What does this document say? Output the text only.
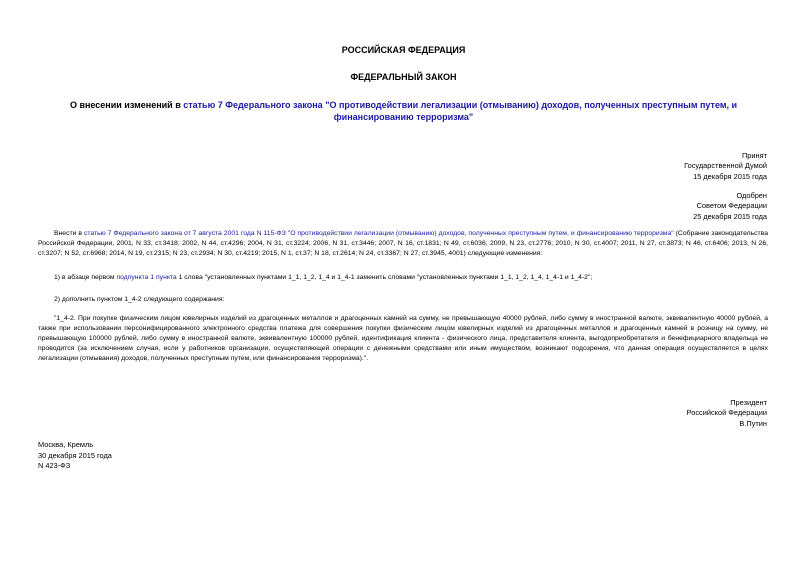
РОССИЙСКАЯ ФЕДЕРАЦИЯ
ФЕДЕРАЛЬНЫЙ ЗАКОН
О внесении изменений в статью 7 Федерального закона "О противодействии легализации (отмыванию) доходов, полученных преступным путем, и финансированию терроризма"
Принят
Государственной Думой
15 декабря 2015 года
Одобрен
Советом Федерации
25 декабря 2015 года
Внести в статью 7 Федерального закона от 7 августа 2001 года N 115-ФЗ "О противодействии легализации (отмыванию) доходов, полученных преступным путем, и финансированию терроризма" (Собрание законодательства Российской Федерации, 2001, N 33, ст.3418; 2002, N 44, ст.4296; 2004, N 31, ст.3224; 2006, N 31, ст.3446; 2007, N 16, ст.1831; N 49, ст.6036; 2009, N 23, ст.2776; 2010, N 30, ст.4007; 2011, N 27, ст.3873; N 46, ст.6406; 2013, N 26, ст.3207; N 52, ст.6968; 2014, N 19, ст.2315; N 23, ст.2934; N 30, ст.4219; 2015, N 1, ст.37; N 18, ст.2614; N 24, ст.3367; N 27, ст.3945, 4001) следующие изменения:
1) в абзаце первом подпункта 1 пункта 1 слова "установленных пунктами 1_1, 1_2, 1_4 и 1_4-1 заменить словами "установленных пунктами 1_1, 1_2, 1_4, 1_4-1 и 1_4-2";
2) дополнить пунктом 1_4-2 следующего содержания:
"1_4-2. При покупке физическим лицом ювелирных изделий из драгоценных металлов и драгоценных камней на сумму, не превышающую 40000 рублей, либо сумму в иностранной валюте, эквивалентную 40000 рублей, а также при использовании персонифицированного электронного средства платежа для совершения покупки физическим лицом ювелирных изделий из драгоценных металлов и драгоценных камней в розницу на сумму, не превышающую 100000 рублей, либо сумму в иностранной валюте, эквивалентную 100000 рублей, идентификация клиента - физического лица, представителя клиента, выгодоприобретателя и бенефициарного владельца не проводится (за исключением случая, если у работников организации, осуществляющей операции с денежными средствами или иным имуществом, возникают подозрения, что данная операция осуществляется в целях легализации (отмывания) доходов, полученных преступным путем, или финансирования терроризма).".
Президент
Российской Федерации
В.Путин
Москва, Кремль
30 декабря 2015 года
N 423-ФЗ
